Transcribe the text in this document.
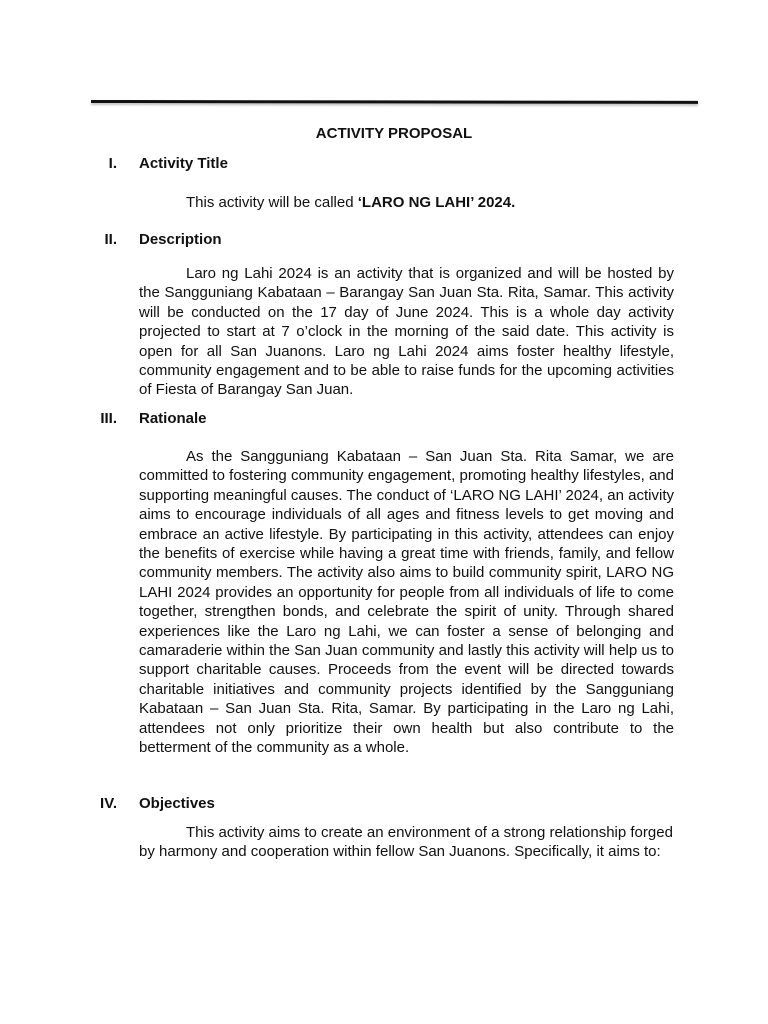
ACTIVITY PROPOSAL
I. Activity Title

This activity will be called ‘LARO NG LAHI’ 2024.

II. Description

Laro ng Lahi 2024 is an activity that is organized and will be hosted by the Sangguniang Kabataan – Barangay San Juan Sta. Rita, Samar. This activity will be conducted on the 17 day of June 2024. This is a whole day activity projected to start at 7 o’clock in the morning of the said date. This activity is open for all San Juanons. Laro ng Lahi 2024 aims foster healthy lifestyle, community engagement and to be able to raise funds for the upcoming activities of Fiesta of Barangay San Juan.

III. Rationale

As the Sangguniang Kabataan – San Juan Sta. Rita Samar, we are committed to fostering community engagement, promoting healthy lifestyles, and supporting meaningful causes. The conduct of ‘LARO NG LAHI’ 2024, an activity aims to encourage individuals of all ages and fitness levels to get moving and embrace an active lifestyle. By participating in this activity, attendees can enjoy the benefits of exercise while having a great time with friends, family, and fellow community members. The activity also aims to build community spirit, LARO NG LAHI 2024 provides an opportunity for people from all individuals of life to come together, strengthen bonds, and celebrate the spirit of unity. Through shared experiences like the Laro ng Lahi, we can foster a sense of belonging and camaraderie within the San Juan community and lastly this activity will help us to support charitable causes. Proceeds from the event will be directed towards charitable initiatives and community projects identified by the Sangguniang Kabataan – San Juan Sta. Rita, Samar. By participating in the Laro ng Lahi, attendees not only prioritize their own health but also contribute to the betterment of the community as a whole.

IV. Objectives

This activity aims to create an environment of a strong relationship forged by harmony and cooperation within fellow San Juanons. Specifically, it aims to:
